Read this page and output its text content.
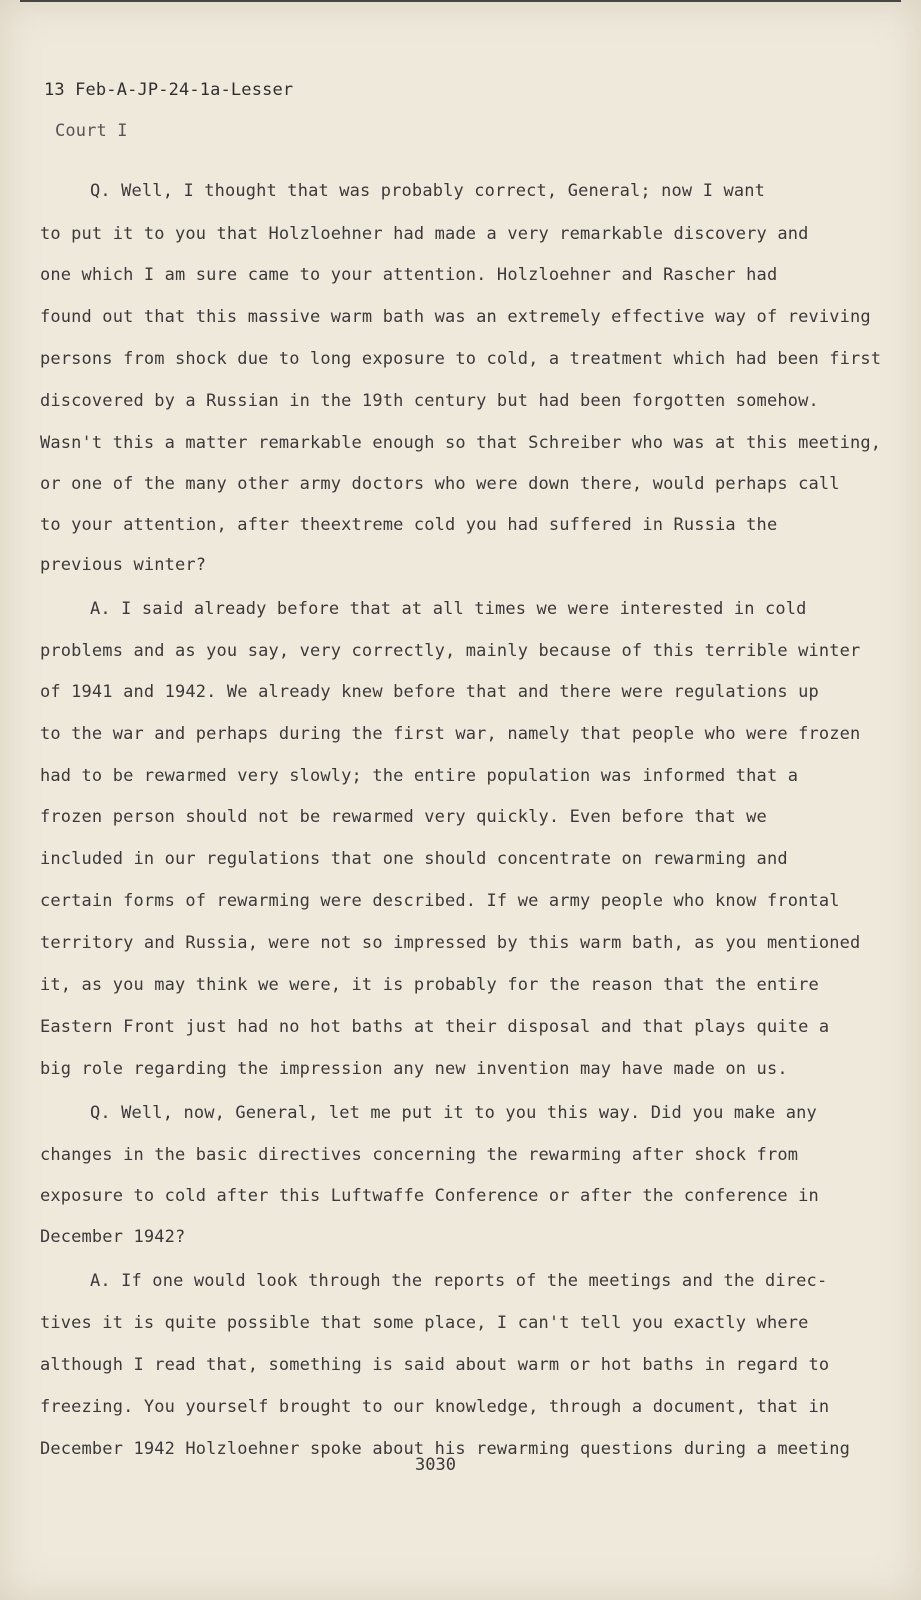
13 Feb-A-JP-24-1a-Lesser
Court I
Q. Well, I thought that was probably correct, General; now I want
to put it to you that Holzloehner had made a very remarkable discovery and
one which I am sure came to your attention. Holzloehner and Rascher had
found out that this massive warm bath was an extremely effective way of reviving
persons from shock due to long exposure to cold, a treatment which had been first
discovered by a Russian in the 19th century but had been forgotten somehow.
Wasn't this a matter remarkable enough so that Schreiber who was at this meeting,
or one of the many other army doctors who were down there, would perhaps call
to your attention, after theextreme cold you had suffered in Russia the
previous winter?
A. I said already before that at all times we were interested in cold
problems and as you say, very correctly, mainly because of this terrible winter
of 1941 and 1942. We already knew before that and there were regulations up
to the war and perhaps during the first war, namely that people who were frozen
had to be rewarmed very slowly; the entire population was informed that a
frozen person should not be rewarmed very quickly. Even before that we
included in our regulations that one should concentrate on rewarming and
certain forms of rewarming were described. If we army people who know frontal
territory and Russia, were not so impressed by this warm bath, as you mentioned
it, as you may think we were, it is probably for the reason that the entire
Eastern Front just had no hot baths at their disposal and that plays quite a
big role regarding the impression any new invention may have made on us.
Q. Well, now, General, let me put it to you this way. Did you make any
changes in the basic directives concerning the rewarming after shock from
exposure to cold after this Luftwaffe Conference or after the conference in
December 1942?
A. If one would look through the reports of the meetings and the direc-
tives it is quite possible that some place, I can't tell you exactly where
although I read that, something is said about warm or hot baths in regard to
freezing. You yourself brought to our knowledge, through a document, that in
December 1942 Holzloehner spoke about his rewarming questions during a meeting
3030
